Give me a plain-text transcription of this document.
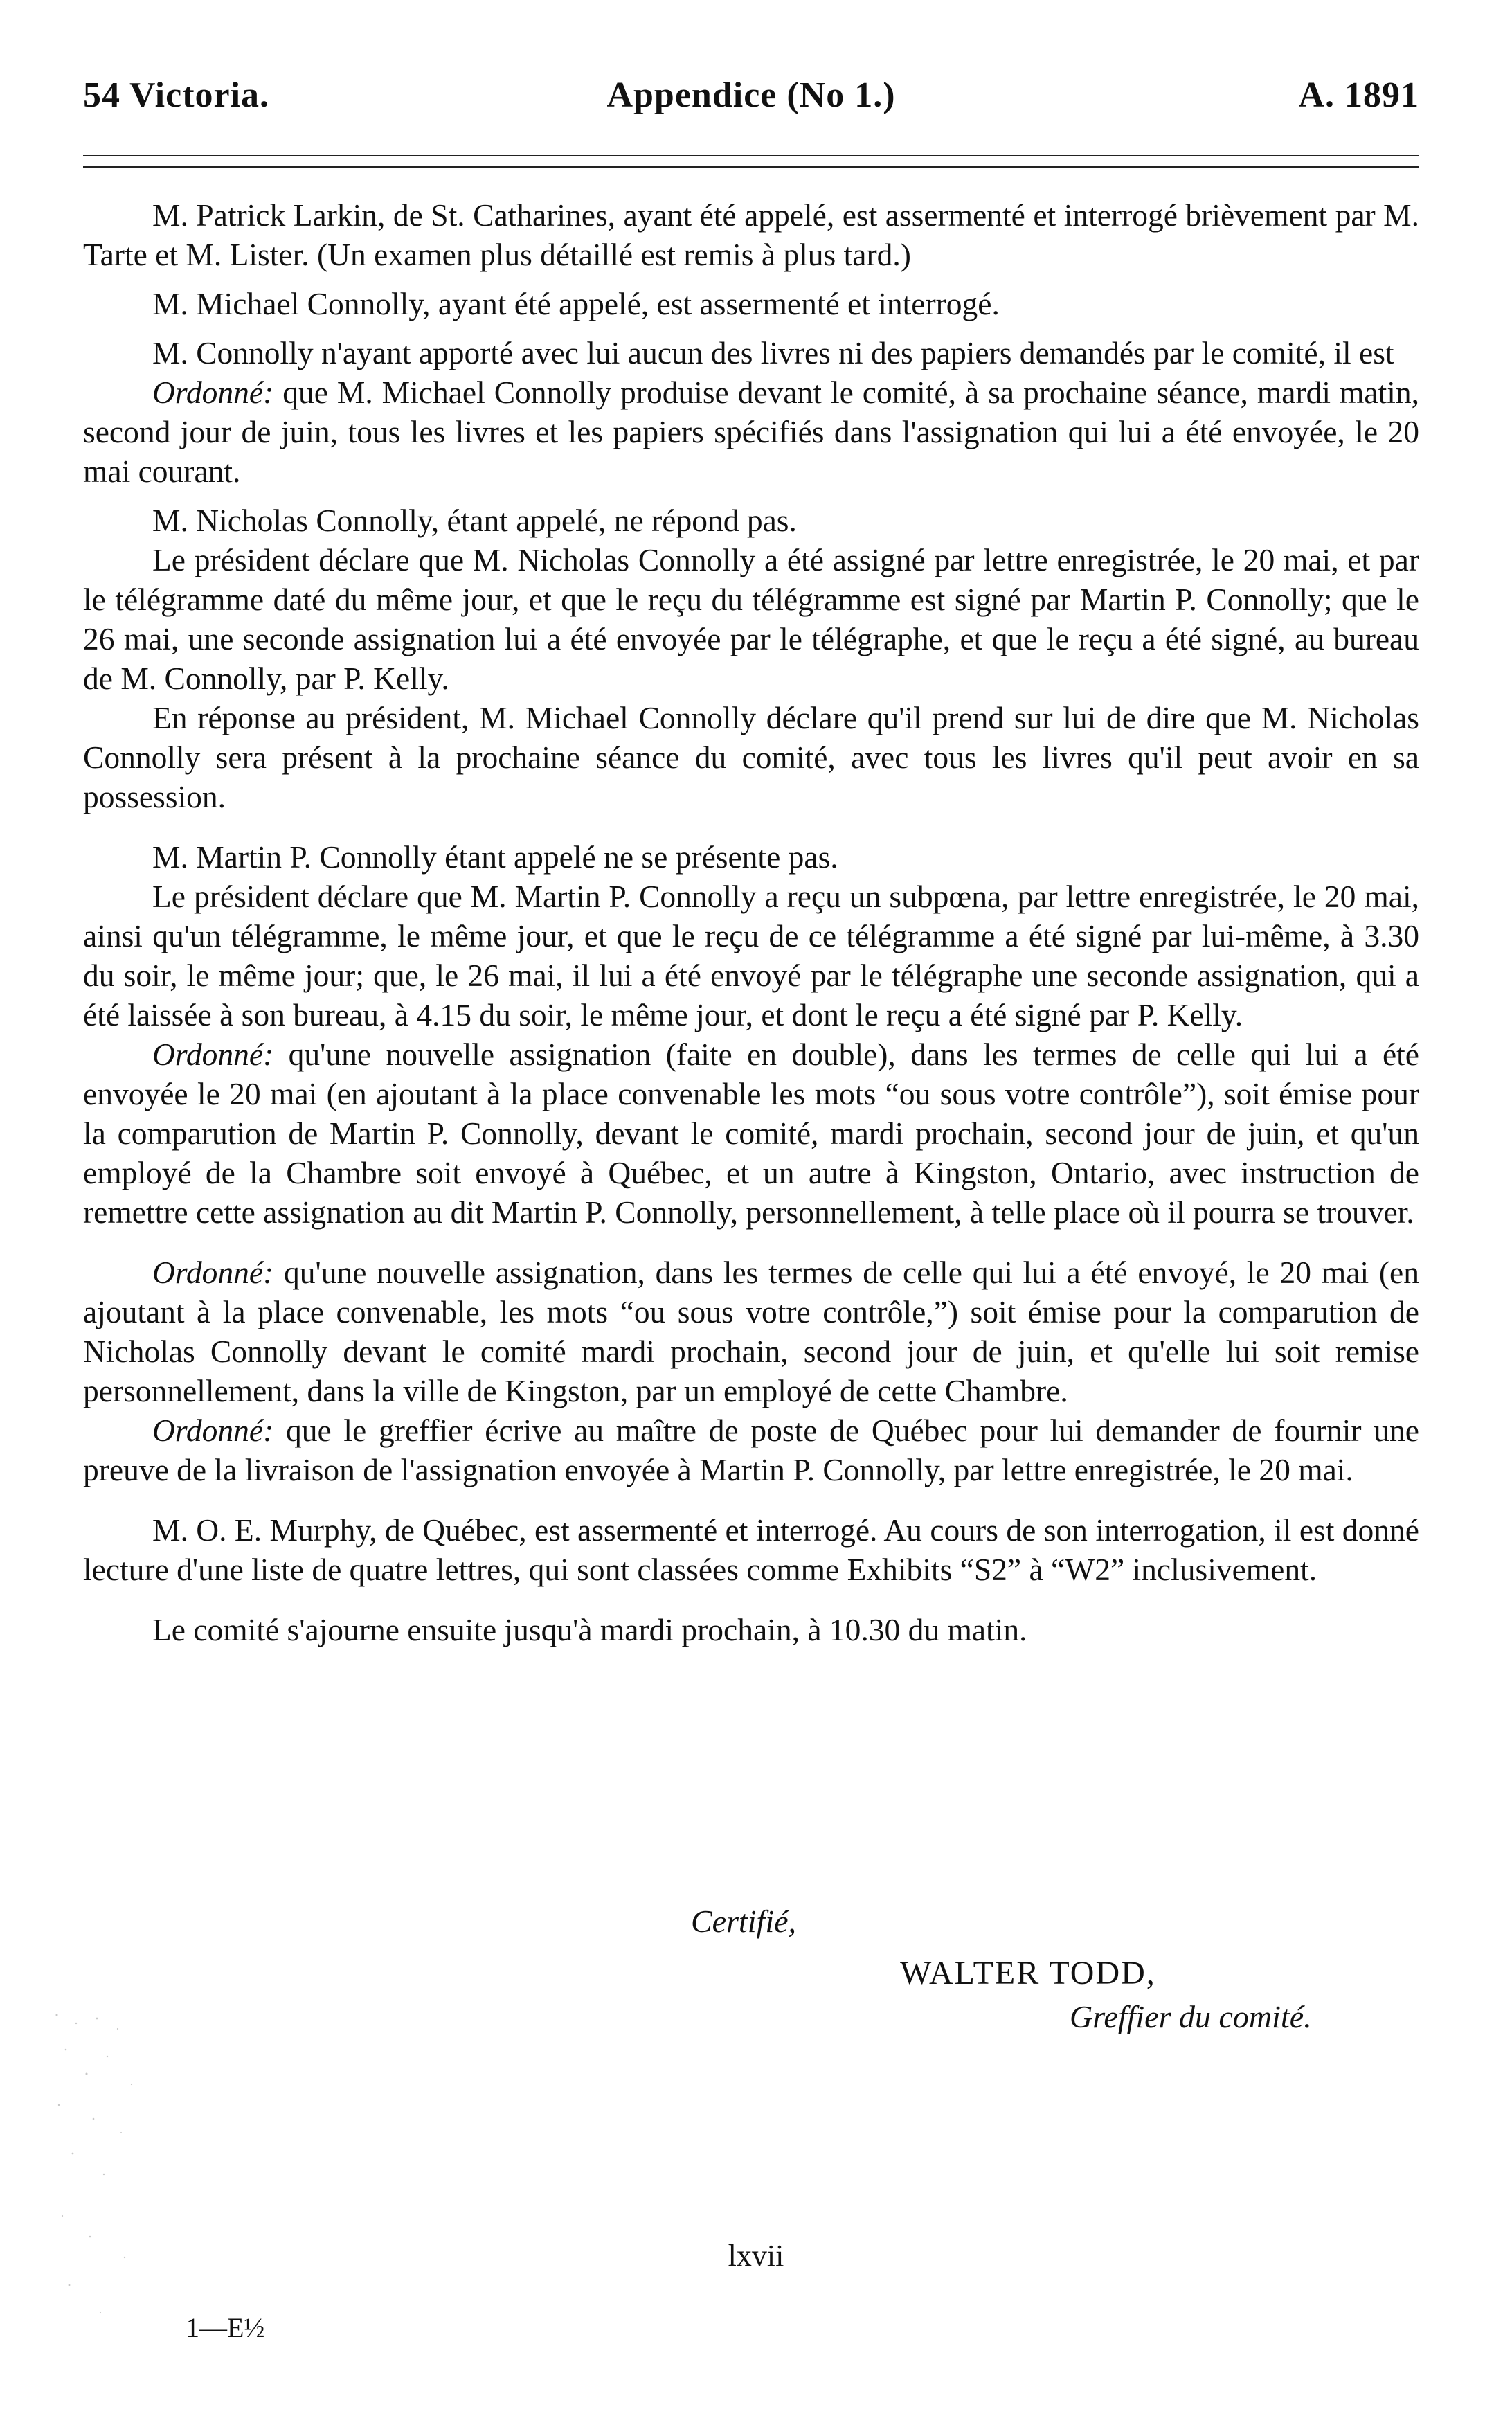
54 Victoria.	Appendice (No 1.)	A. 1891

M. Patrick Larkin, de St. Catharines, ayant été appelé, est assermenté et interrogé brièvement par M. Tarte et M. Lister. (Un examen plus détaillé est remis à plus tard.)

M. Michael Connolly, ayant été appelé, est assermenté et interrogé.

M. Connolly n'ayant apporté avec lui aucun des livres ni des papiers demandés par le comité, il est

Ordonné: que M. Michael Connolly produise devant le comité, à sa prochaine séance, mardi matin, second jour de juin, tous les livres et les papiers spécifiés dans l'assignation qui lui a été envoyée, le 20 mai courant.

M. Nicholas Connolly, étant appelé, ne répond pas.

Le président déclare que M. Nicholas Connolly a été assigné par lettre enregistrée, le 20 mai, et par le télégramme daté du même jour, et que le reçu du télégramme est signé par Martin P. Connolly; que le 26 mai, une seconde assignation lui a été envoyée par le télégraphe, et que le reçu a été signé, au bureau de M. Connolly, par P. Kelly.

En réponse au président, M. Michael Connolly déclare qu'il prend sur lui de dire que M. Nicholas Connolly sera présent à la prochaine séance du comité, avec tous les livres qu'il peut avoir en sa possession.

M. Martin P. Connolly étant appelé ne se présente pas.

Le président déclare que M. Martin P. Connolly a reçu un subpœna, par lettre enregistrée, le 20 mai, ainsi qu'un télégramme, le même jour, et que le reçu de ce télégramme a été signé par lui-même, à 3.30 du soir, le même jour; que, le 26 mai, il lui a été envoyé par le télégraphe une seconde assignation, qui a été laissée à son bureau, à 4.15 du soir, le même jour, et dont le reçu a été signé par P. Kelly.

Ordonné: qu'une nouvelle assignation (faite en double), dans les termes de celle qui lui a été envoyée le 20 mai (en ajoutant à la place convenable les mots “ou sous votre contrôle”), soit émise pour la comparution de Martin P. Connolly, devant le comité, mardi prochain, second jour de juin, et qu'un employé de la Chambre soit envoyé à Québec, et un autre à Kingston, Ontario, avec instruction de remettre cette assignation au dit Martin P. Connolly, personnellement, à telle place où il pourra se trouver.

Ordonné: qu'une nouvelle assignation, dans les termes de celle qui lui a été envoyé, le 20 mai (en ajoutant à la place convenable, les mots “ou sous votre contrôle,”) soit émise pour la comparution de Nicholas Connolly devant le comité mardi prochain, second jour de juin, et qu'elle lui soit remise personnellement, dans la ville de Kingston, par un employé de cette Chambre.

Ordonné: que le greffier écrive au maître de poste de Québec pour lui demander de fournir une preuve de la livraison de l'assignation envoyée à Martin P. Connolly, par lettre enregistrée, le 20 mai.

M. O. E. Murphy, de Québec, est assermenté et interrogé. Au cours de son interrogation, il est donné lecture d'une liste de quatre lettres, qui sont classées comme Exhibits “S2” à “W2” inclusivement.

Le comité s'ajourne ensuite jusqu'à mardi prochain, à 10.30 du matin.

Certifié,
WALTER TODD,
Greffier du comité.
lxvii
1—E½
